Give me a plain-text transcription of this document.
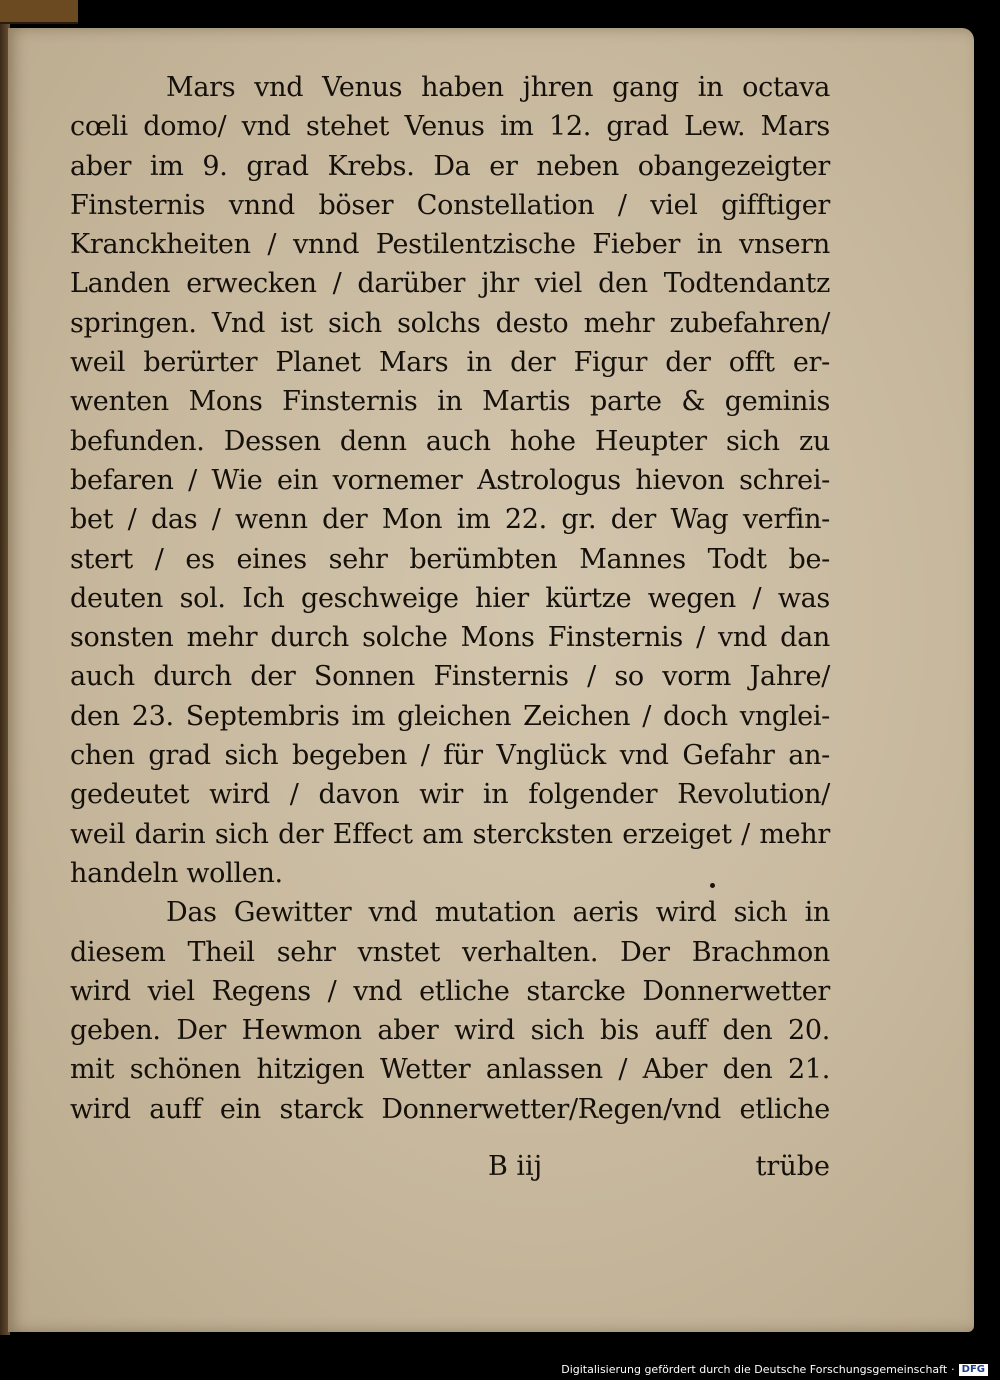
Mars vnd Venus haben jhren gang in octava
cœli domo/ vnd stehet Venus im 12. grad Lew. Mars
aber im 9. grad Krebs. Da er neben obangezeigter
Finsternis vnnd böser Constellation / viel gifftiger
Kranckheiten / vnnd Pestilentzische Fieber in vnsern
Landen erwecken / darüber jhr viel den Todtendantz
springen. Vnd ist sich solchs desto mehr zubefahren/
weil berürter Planet Mars in der Figur der offt er-
wenten Mons Finsternis in Martis parte & geminis
befunden. Dessen denn auch hohe Heupter sich zu
befaren / Wie ein vornemer Astrologus hievon schrei-
bet / das / wenn der Mon im 22. gr. der Wag verfin-
stert / es eines sehr berümbten Mannes Todt be-
deuten sol. Ich geschweige hier kürtze wegen / was
sonsten mehr durch solche Mons Finsternis / vnd dan
auch durch der Sonnen Finsternis / so vorm Jahre/
den 23. Septembris im gleichen Zeichen / doch vnglei-
chen grad sich begeben / für Vnglück vnd Gefahr an-
gedeutet wird / davon wir in folgender Revolution/
weil darin sich der Effect am stercksten erzeiget / mehr
handeln wollen.
Das Gewitter vnd mutation aeris wird sich in
diesem Theil sehr vnstet verhalten. Der Brachmon
wird viel Regens / vnd etliche starcke Donnerwetter
geben. Der Hewmon aber wird sich bis auff den 20.
mit schönen hitzigen Wetter anlassen / Aber den 21.
wird auff ein starck Donnerwetter/Regen/vnd etliche
B iij	trübe
Digitalisierung gefördert durch die Deutsche Forschungsgemeinschaft · DFG
